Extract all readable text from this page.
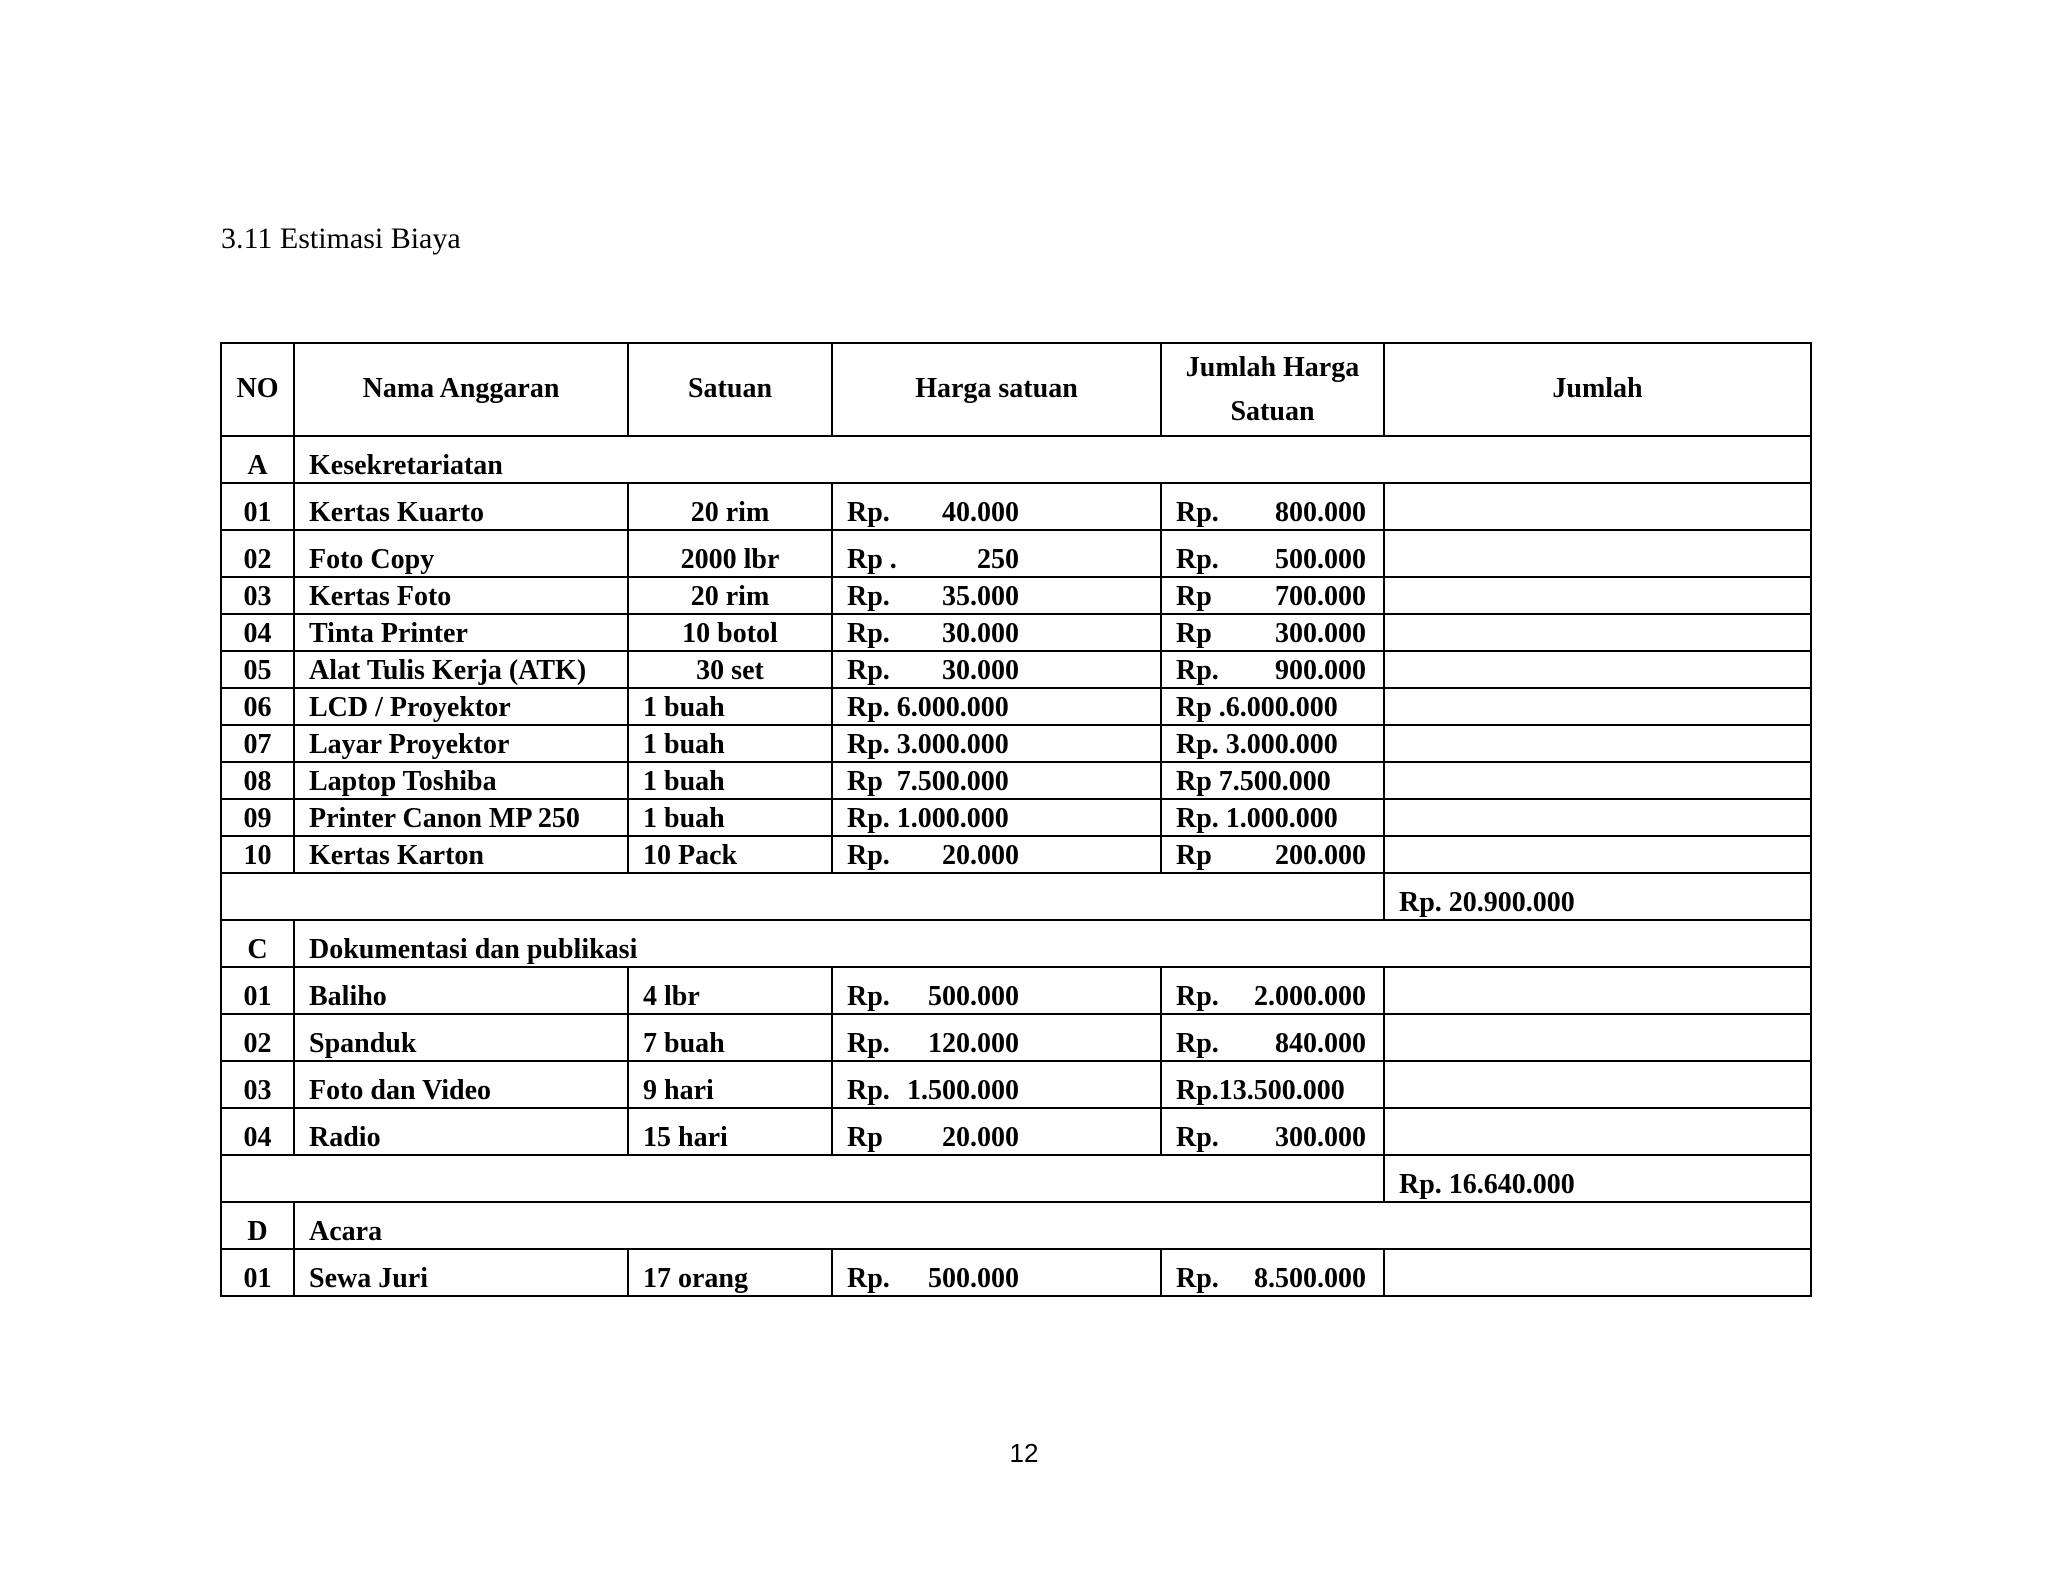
3.11 Estimasi Biaya
NO	Nama Anggaran	Satuan	Harga satuan	Jumlah Harga Satuan	Jumlah
A	Kesekretariatan				
01	Kertas Kuarto	20 rim	Rp. 40.000	Rp. 800.000	

02	Foto Copy	2000 lbr	Rp . 250	Rp. 500.000	

03	Kertas Foto	20 rim	Rp. 35.000	Rp 700.000	

04	Tinta Printer	10 botol	Rp. 30.000	Rp 300.000	

05	Alat Tulis Kerja (ATK)	30 set	Rp. 30.000	Rp. 900.000	

06	LCD / Proyektor	1 buah	Rp. 6.000.000	Rp .6.000.000	
07	Layar Proyektor	1 buah	Rp. 3.000.000	Rp. 3.000.000	
08	Laptop Toshiba	1 buah	Rp  7.500.000	Rp 7.500.000	
09	Printer Canon MP 250	1 buah	Rp. 1.000.000	Rp. 1.000.000	
10	Kertas Karton	10 Pack	Rp. 20.000	Rp 200.000	

					Rp. 20.900.000
C	Dokumentasi dan publikasi				
01	Baliho	4 lbr	Rp. 500.000	Rp. 2.000.000	

02	Spanduk	7 buah	Rp. 120.000	Rp. 840.000	

03	Foto dan Video	9 hari	Rp. 1.500.000	Rp.13.500.000	
04	Radio	15 hari	Rp 20.000	Rp. 300.000	

					Rp. 16.640.000
D	Acara				
01	Sewa Juri	17 orang	Rp. 500.000	Rp. 8.500.000	

12
